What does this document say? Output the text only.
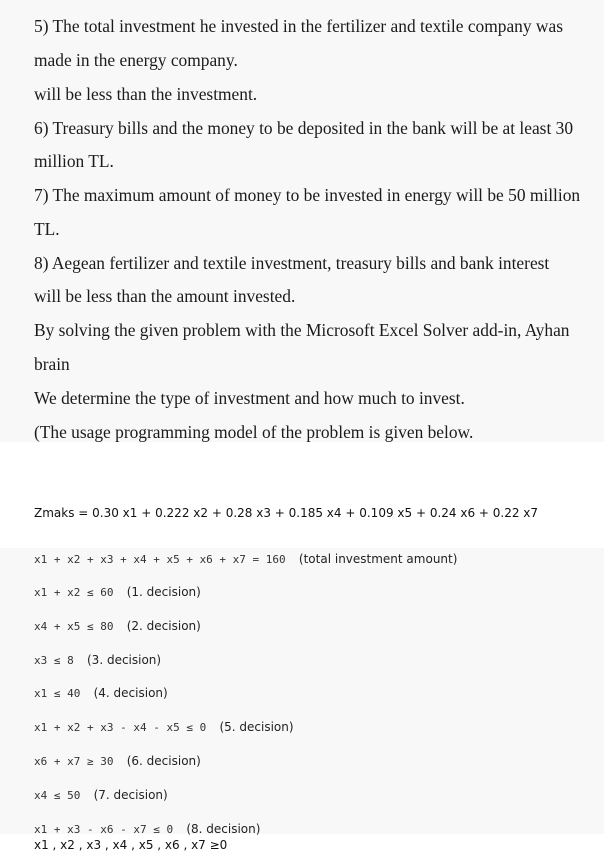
5) The total investment he invested in the fertilizer and textile company was
made in the energy company.
will be less than the investment.
6) Treasury bills and the money to be deposited in the bank will be at least 30
million TL.
7) The maximum amount of money to be invested in energy will be 50 million
TL.
8) Aegean fertilizer and textile investment, treasury bills and bank interest
will be less than the amount invested.
By solving the given problem with the Microsoft Excel Solver add-in, Ayhan
brain
We determine the type of investment and how much to invest.
(The usage programming model of the problem is given below.
Zmaks = 0.30 x1 + 0.222 x2 + 0.28 x3 + 0.185 x4 + 0.109 x5 + 0.24 x6 + 0.22 x7
x1 + x2 + x3 + x4 + x5 + x6 + x7 = 160 (total investment amount)
x1 + x2 ≤ 60 (1. decision)
x4 + x5 ≤ 80 (2. decision)
x3 ≤ 8 (3. decision)
x1 ≤ 40 (4. decision)
x1 + x2 + x3 - x4 - x5 ≤ 0 (5. decision)
x6 + x7 ≥ 30 (6. decision)
x4 ≤ 50 (7. decision)
x1 + x3 - x6 - x7 ≤ 0 (8. decision)
x1 , x2 , x3 , x4 , x5 , x6 , x7 ≥0
